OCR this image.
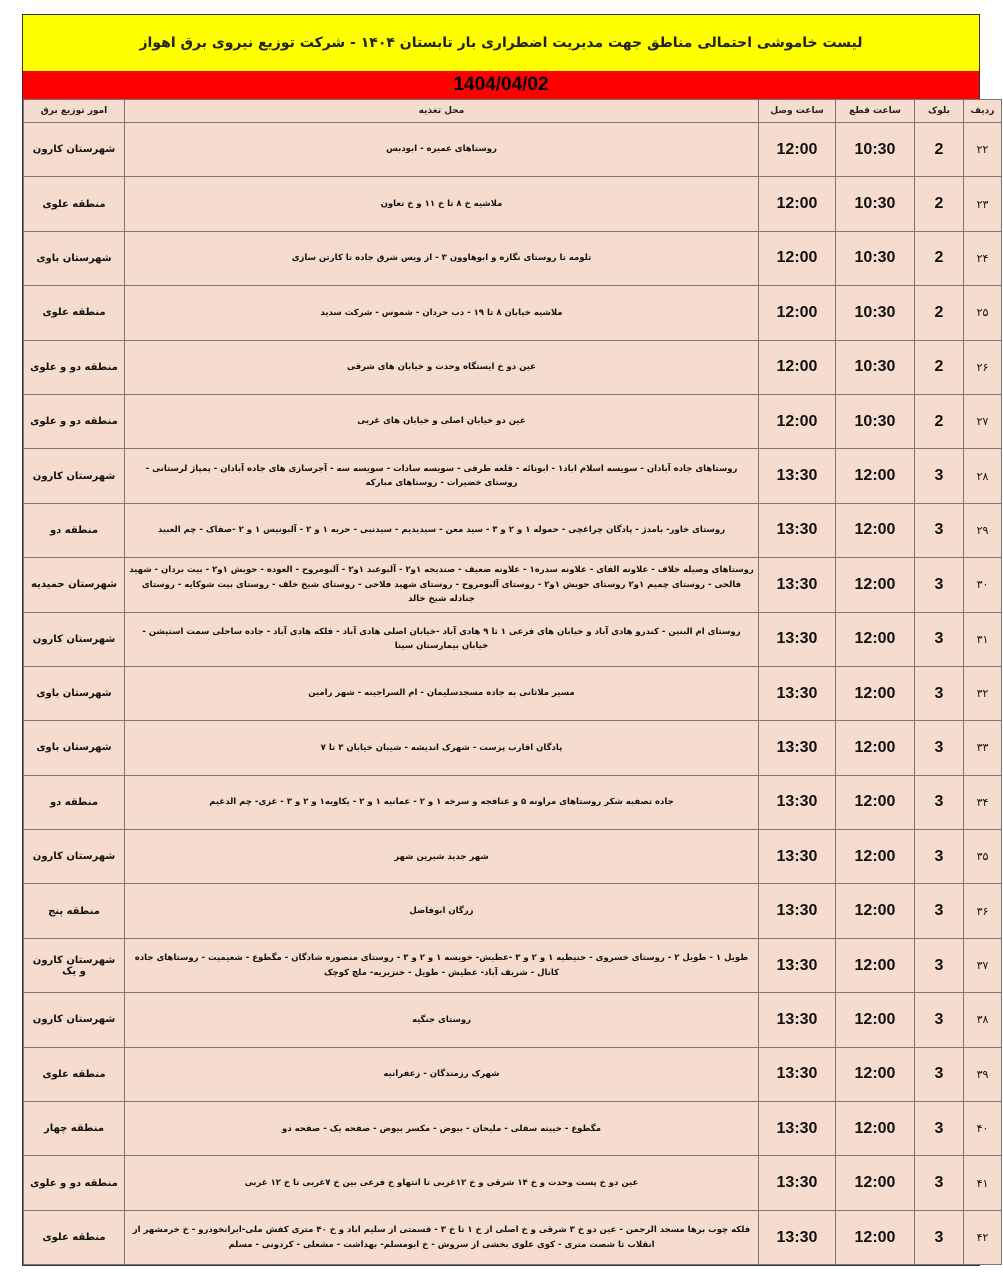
لیست خاموشی احتمالی مناطق جهت مدیریت اضطراری بار تابستان ۱۴۰۴ - شرکت توزیع نیروی برق اهواز
1404/04/02
ردیف	بلوک	ساعت قطع	ساعت وصل	محل تغذیه	امور توزیع برق
۲۲	2	10:30	12:00	روستاهای عمیره - ابودبس	شهرستان کارون
۲۳	2	10:30	12:00	ملاشیه خ ۸ تا خ ۱۱ و خ تعاون	منطقه علوی
۲۴	2	10:30	12:00	تلومه تا روستای نگازه و ابوهاوون ۳ - از ویس شرق جاده تا کارتن سازی	شهرستان باوی
۲۵	2	10:30	12:00	ملاشیه خیابان ۸ تا ۱۹ - دب حردان - شموس - شرکت سدید	منطقه علوی
۲۶	2	10:30	12:00	عین دو خ ایستگاه وحدت و خیابان های شرقی	منطقه دو و علوی
۲۷	2	10:30	12:00	عین دو خیابان اصلی و خیابان های غربی	منطقه دو و علوی
۲۸	3	12:00	13:30	روستاهای جاده آبادان - سویسه اسلام اباد۱ - ابونائه - قلعه طرفی - سویسه سادات - سویسه سه - آجرسازی های جاده آبادان - پمپاژ لرستانی - روستای خضیرات - روستاهای مبارکه	شهرستان کارون
۲۹	3	12:00	13:30	روستای خاور- بامدژ - پادگان چراغچی - حموله ۱ و ۲ و ۳ - سید معن - سیدیدیم - سیدنبی - حریه ۱ و ۲ - آلبونیس ۱ و ۲ -صفاک - چم العبید	منطقه دو
۳۰	3	12:00	13:30	روستاهای وصیله خلاف - علاونه الفای - علاونه سدره۱ - علاونه ضعیف - صندیحه ۱و۲ - آلبوعبد ۱و۲ - آلبومروح - العوده - حویش ۱و۲ - بیت بردان - شهید فالحی - روستای چمیم ۱و۲ روستای حویش ۱و۲ - روستای آلبومروح - روستای شهید فلاحی - روستای شیخ خلف - روستای بیت شوکایه - روستای جنادله شیخ خالد	شهرستان حمیدیه
۳۱	3	12:00	13:30	روستای ام البنین - کندرو هادی آباد و خیابان های فرعی ۱ تا ۹ هادی آباد -خیابان اصلی هادی آباد - فلکه هادی آباد - جاده ساحلی سمت استیشن - خیابان بیمارستان سینا	شهرستان کارون
۳۲	3	12:00	13:30	مسیر ملاثانی به جاده مسجدسلیمان - ام السراجینه - شهر رامین	شهرستان باوی
۳۳	3	12:00	13:30	پادگان اقارب پرست - شهرک اندیشه - شیبان خیابان ۳ تا ۷	شهرستان باوی
۳۴	3	12:00	13:30	جاده تصفیه شکر روستاهای مراونه ۵ و عنافجه و سرخه ۱ و ۲ - عمانیه ۱ و ۲ - یکاویه۱ و ۲ و ۳ - غزی- چم الدغیم	منطقه دو
۳۵	3	12:00	13:30	شهر جدید شیرین شهر	شهرستان کارون
۳۶	3	12:00	13:30	زرگان ابوفاضل	منطقه پنج
۳۷	3	12:00	13:30	طویل ۱ - طویل ۲ - روستای خسروی - حنیطیه ۱ و ۲ و ۳ -عطیش- خویسه ۱ و ۲ و ۳ - روستای منصوره شادگان - مگطوع - شعیمیت - روستاهای جاده کانال - شریف آباد- عطیش - طویل - خنزیریه- ملچ کوچک	شهرستان کارون و یک
۳۸	3	12:00	13:30	روستای جنگیه	شهرستان کارون
۳۹	3	12:00	13:30	شهرک رزمندگان - زعفرانیه	منطقه علوی
۴۰	3	12:00	13:30	مگطوع - خیینه سفلی - ملیحان - بیوض - مکسر بیوض - صفحه یک - صفحه دو	منطقه چهار
۴۱	3	12:00	13:30	عین دو خ پست وحدت و خ ۱۴ شرقی و خ ۱۲غربی تا انتهاو خ فرعی بین خ ۷غربی تا خ ۱۲ غربی	منطقه دو و علوی
۴۲	3	12:00	13:30	فلکه چوب برها مسجد الرحمن - عین دو خ ۳ شرقی و خ اصلی از خ ۱ تا خ ۳ - قسمتی از سلیم اباد و خ ۴۰ متری کفش ملی-ایرانخودرو - خ خرمشهر از انقلاب تا شصت متری - کوی علوی بخشی از سروش - خ ابومسلم- بهداشت - مشعلی - کردونی - مسلم	منطقه علوی
